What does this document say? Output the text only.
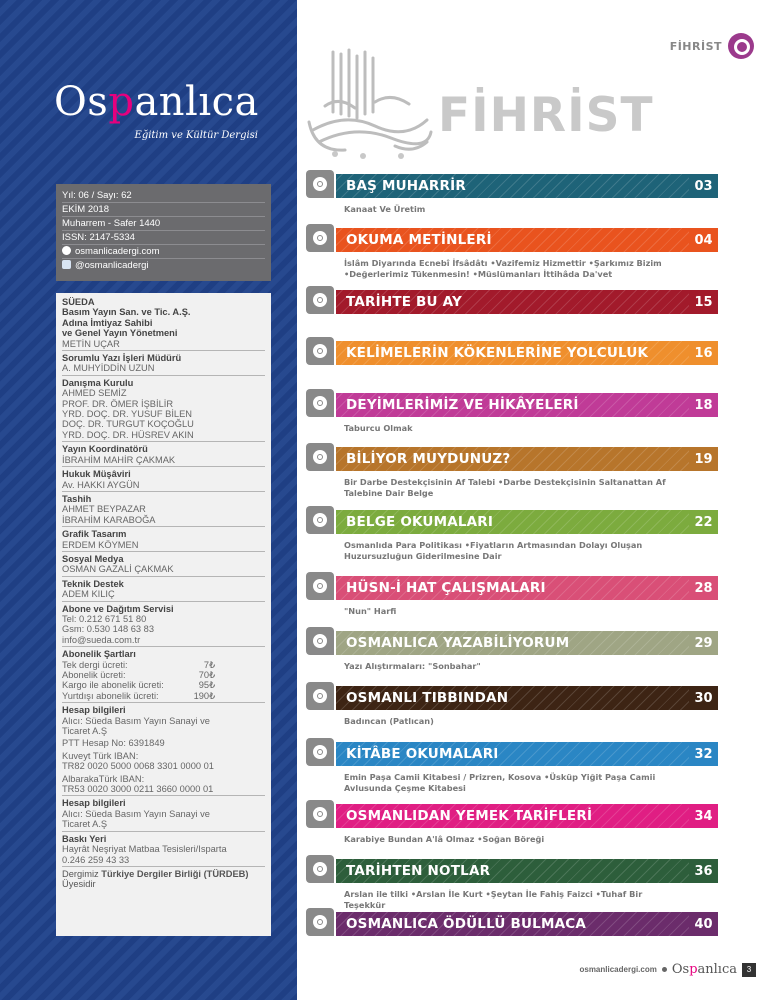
Ospanlıca
Eğitim ve Kültür Dergisi
Yıl: 06 / Sayı: 62
EKİM 2018
Muharrem - Safer 1440
ISSN: 2147-5334
osmanlicadergi.com
@osmanlicadergi
SÜEDA
Basım Yayın San. ve Tic. A.Ş.
Adına İmtiyaz Sahibi
ve Genel Yayın Yönetmeni
METİN UÇAR
Sorumlu Yazı İşleri Müdürü
A. MUHYİDDİN UZUN
Danışma Kurulu
AHMED SEMİZ
PROF. DR. ÖMER İŞBİLİR
YRD. DOÇ. DR. YUSUF BİLEN
DOÇ. DR. TURGUT KOÇOĞLU
YRD. DOÇ. DR. HÜSREV AKIN
Yayın Koordinatörü
İBRAHİM MAHİR ÇAKMAK
Hukuk Müşâviri
Av. HAKKI AYGÜN
Tashih
AHMET BEYPAZAR
İBRAHİM KARABOĞA
Grafik Tasarım
ERDEM KÖYMEN
Sosyal Medya
OSMAN GAZALİ ÇAKMAK
Teknik Destek
ADEM KILIÇ
Abone ve Dağıtım Servisi
Tel: 0.212 671 51 80
Gsm: 0.530 148 63 83
info@sueda.com.tr
Abonelik Şartları
Tek dergi ücreti:	7₺
Abonelik ücreti:	70₺
Kargo ile abonelik ücreti:	95₺
Yurtdışı abonelik ücreti:	190₺
Hesap bilgileri
Alıcı: Süeda Basım Yayın Sanayi ve
Ticaret A.Ş
PTT Hesap No: 6391849
Kuveyt Türk IBAN:
TR82 0020 5000 0068 3301 0000 01
AlbarakaTürk IBAN:
TR53 0020 3000 0211 3660 0000 01
Hesap bilgileri
Alıcı: Süeda Basım Yayın Sanayi ve
Ticaret A.Ş
Baskı Yeri
Hayrât Neşriyat Matbaa Tesisleri/Isparta
0.246 259 43 33
Dergimiz Türkiye Dergiler Birliği (TÜRDEB)
Üyesidir
FİHRİST
FİHRİST
BAŞ MUHARRİR	03
Kanaat Ve Üretim
OKUMA METİNLERİ	04
İslâm Diyarında Ecnebî İfsâdâtı • Vazifemiz Hizmettir • Şarkımız Bizim •Değerlerimiz Tükenmesin! • Müslümanları İttihâda Da'vet
TARİHTE BU AY	15
KELİMELERİN KÖKENLERİNE YOLCULUK	16
DEYİMLERİMİZ VE HİKÂYELERİ	18
Taburcu Olmak
BİLİYOR MUYDUNUZ?	19
Bir Darbe Destekçisinin Af Talebi • Darbe Destekçisinin Saltanattan Af Talebine Dair Belge
BELGE OKUMALARI	22
Osmanlıda Para Politikası • Fiyatların Artmasından Dolayı Oluşan Huzursuzluğun Giderilmesine Dair
HÜSN-İ HAT ÇALIŞMALARI	28
"Nun" Harfi
OSMANLICA YAZABİLİYORUM	29
Yazı Alıştırmaları: "Sonbahar"
OSMANLI TIBBINDAN	30
Badıncan (Patlıcan)
KİTÂBE OKUMALARI	32
Emin Paşa Camii Kitabesi / Prizren, Kosova • Üsküp Yiğit Paşa Camii Avlusunda Çeşme Kitabesi
OSMANLIDAN YEMEK TARİFLERİ	34
Karabiye Bundan A'lâ Olmaz • Soğan Böreği
TARİHTEN NOTLAR	36
Arslan ile tilki • Arslan İle Kurt • Şeytan İle Fahiş Faizci • Tuhaf Bir Teşekkür
OSMANLICA ÖDÜLLÜ BULMACA	40
osmanlicadergi.com Ospanlıca	3
